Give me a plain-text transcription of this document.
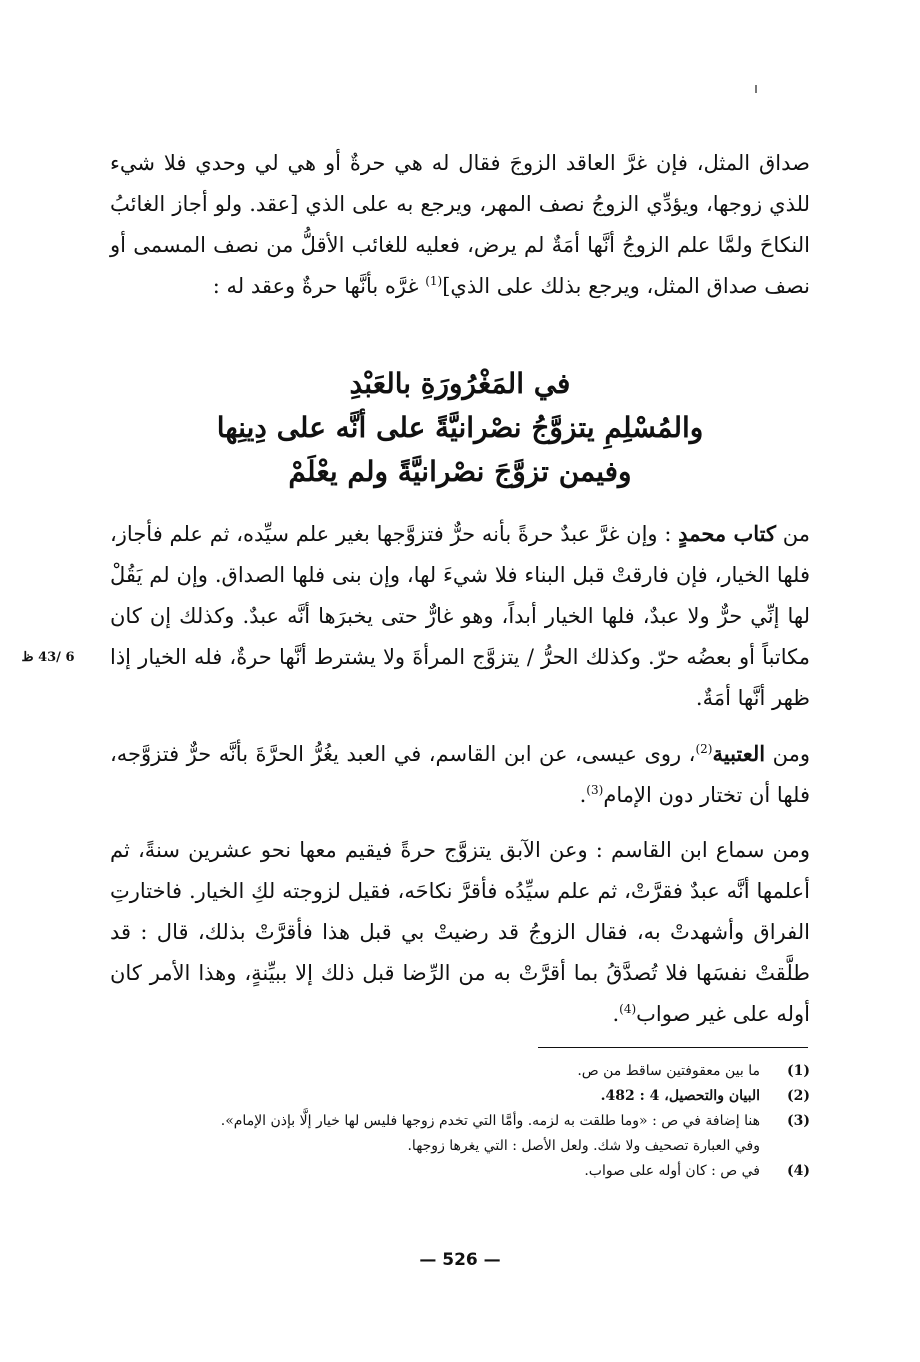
صداق المثل، فإن غرَّ العاقد الزوجَ فقال له هي حرةٌ أو هي لي وحدي فلا شيء للذي زوجها، ويؤدِّي الزوجُ نصف المهر، ويرجع به على الذي [عقد. ولو أجاز الغائبُ النكاحَ ولمَّا علم الزوجُ أنَّها أمَةٌ لم يرض، فعليه للغائب الأقلُّ من نصف المسمى أو نصف صداق المثل، ويرجع بذلك على الذي]$^{(1)}$ غرَّه بأنَّها حرةٌ وعقد له :

في المَغْرُورَةِ بالعَبْدِ
والمُسْلِمِ يتزوَّجُ نصْرانيَّةً على أنَّه على دِينِها
وفيمن تزوَّجَ نصْرانيَّةً ولم يعْلَمْ

من كتاب محمدٍ : وإن غرَّ عبدٌ حرةً بأنه حرٌّ فتزوَّجها بغير علم سيِّده، ثم علم فأجاز، فلها الخيار، فإن فارقتْ قبل البناء فلا شيءَ لها، وإن بنى فلها الصداق. وإن لم يَقُلْ لها إنِّي حرٌّ ولا عبدٌ، فلها الخيار أبداً، وهو غارٌّ حتى يخبرَها أنَّه عبدٌ. وكذلك إن كان مكاتباً أو بعضُه حرّ. وكذلك الحرُّ / يتزوَّج المرأةَ ولا يشترط أنَّها حرةٌ، فله الخيار إذا ظهر أنَّها أمَةٌ.

ومن العتبية$^{(2)}$، روى عيسى، عن ابن القاسم، في العبد يغُرُّ الحرَّةَ بأنَّه حرٌّ فتزوَّجه، فلها أن تختار دون الإمام$^{(3)}$.

ومن سماع ابن القاسم : وعن الآبق يتزوَّج حرةً فيقيم معها نحو عشرين سنةً، ثم أعلمها أنَّه عبدٌ فقرَّتْ، ثم علم سيِّدُه فأقرَّ نكاحَه، فقيل لزوجته لكِ الخيار. فاختارتِ الفراق وأشهدتْ به، فقال الزوجُ قد رضيتْ بي قبل هذا فأقرَّتْ بذلك، قال : قد طلَّقتْ نفسَها فلا تُصدَّقُ بما أقرَّتْ به من الرِّضا قبل ذلك إلا ببيِّنةٍ، وهذا الأمر كان أوله على غير صواب$^{(4)}$.

6 /43 ظ
(1)
ما بين معقوفتين ساقط من ص.
(2)
البيان والتحصيل، 4 : 482.
(3)
هنا إضافة في ص : «وما طلقت به لزمه. وأمَّا التي تخدم زوجها فليس لها خيار إلَّا بإذن الإمام».
وفي العبارة تصحيف ولا شك. ولعل الأصل : التي يغرها زوجها.
(4)
في ص : كان أوله على صواب.
— 526 —
